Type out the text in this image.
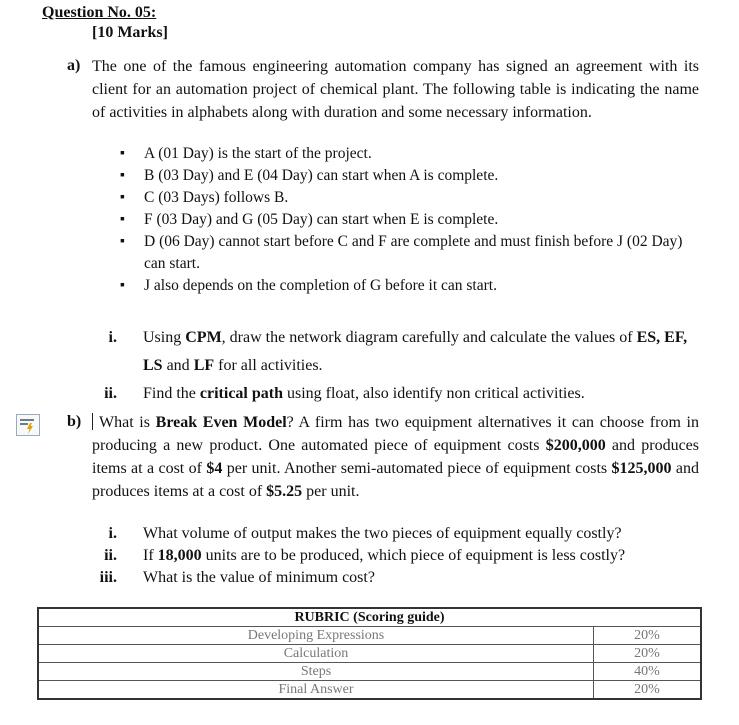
Question No. 05:
[10 Marks]
a) The one of the famous engineering automation company has signed an agreement with its client for an automation project of chemical plant. The following table is indicating the name of activities in alphabets along with duration and some necessary information.
▪ A (01 Day) is the start of the project.
▪ B (03 Day) and E (04 Day) can start when A is complete.
▪ C (03 Days) follows B.
▪ F (03 Day) and G (05 Day) can start when E is complete.
▪ D (06 Day) cannot start before C and F are complete and must finish before J (02 Day) can start.
▪ J also depends on the completion of G before it can start.
i.	Using CPM, draw the network diagram carefully and calculate the values of ES, EF, LS and LF for all activities.
ii.	Find the critical path using float, also identify non critical activities.
b)	What is Break Even Model? A firm has two equipment alternatives it can choose from in producing a new product. One automated piece of equipment costs $200,000 and produces items at a cost of $4 per unit. Another semi-automated piece of equipment costs $125,000 and produces items at a cost of $5.25 per unit.
i.	What volume of output makes the two pieces of equipment equally costly?
ii.	If 18,000 units are to be produced, which piece of equipment is less costly?
iii.	What is the value of minimum cost?
RUBRIC (Scoring guide)	
Developing Expressions	20%
Calculation	20%
Steps	40%
Final Answer	20%
